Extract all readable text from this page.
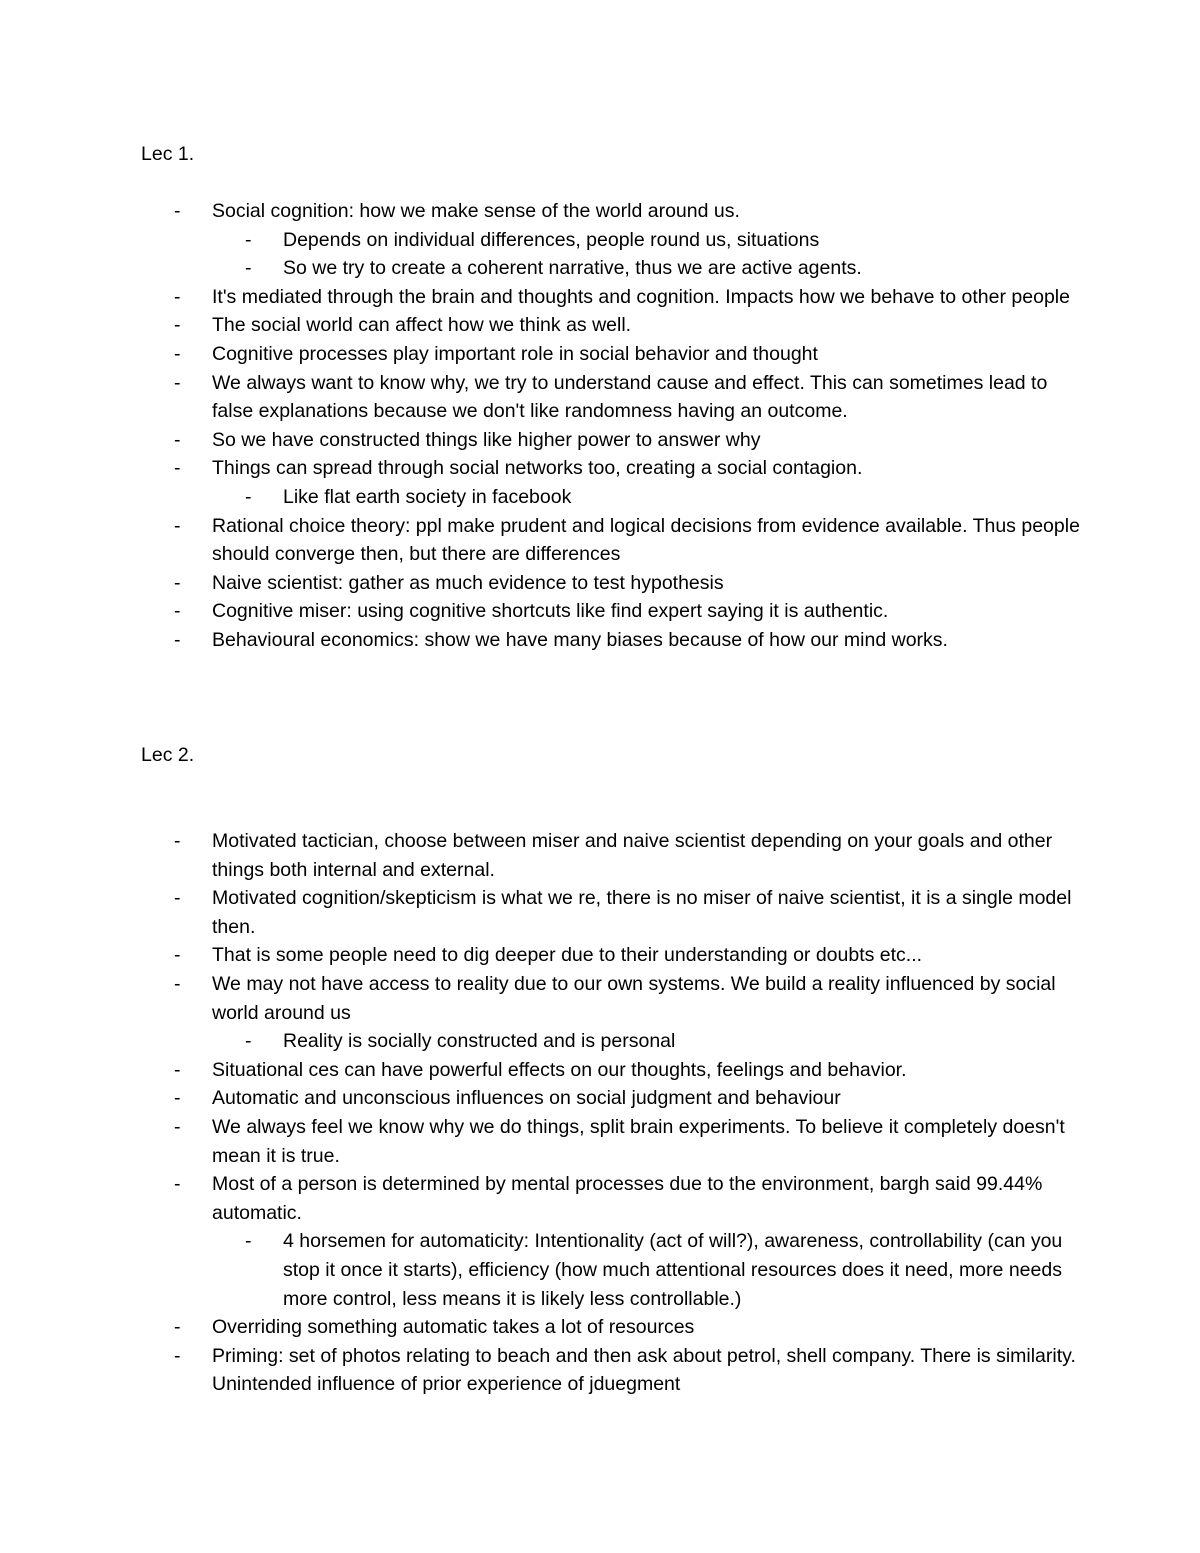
Lec 1.

- Social cognition: how we make sense of the world around us.
- Depends on individual differences, people round us, situations
- So we try to create a coherent narrative, thus we are active agents.
- It's mediated through the brain and thoughts and cognition. Impacts how we behave to other people
- The social world can affect how we think as well.
- Cognitive processes play important role in social behavior and thought
- We always want to know why, we try to understand cause and effect. This can sometimes lead to false explanations because we don't like randomness having an outcome.
- So we have constructed things like higher power to answer why
- Things can spread through social networks too, creating a social contagion.
- Like flat earth society in facebook
- Rational choice theory: ppl make prudent and logical decisions from evidence available. Thus people should converge then, but there are differences
- Naive scientist: gather as much evidence to test hypothesis
- Cognitive miser: using cognitive shortcuts like find expert saying it is authentic.
- Behavioural economics: show we have many biases because of how our mind works.

Lec 2.

- Motivated tactician, choose between miser and naive scientist depending on your goals and other things both internal and external.
- Motivated cognition/skepticism is what we re, there is no miser of naive scientist, it is a single model then.
- That is some people need to dig deeper due to their understanding or doubts etc...
- We may not have access to reality due to our own systems. We build a reality influenced by social world around us
- Reality is socially constructed and is personal
- Situational ces can have powerful effects on our thoughts, feelings and behavior.
- Automatic and unconscious influences on social judgment and behaviour
- We always feel we know why we do things, split brain experiments. To believe it completely doesn't mean it is true.
- Most of a person is determined by mental processes due to the environment, bargh said 99.44% automatic.
- 4 horsemen for automaticity: Intentionality (act of will?), awareness, controllability (can you stop it once it starts), efficiency (how much attentional resources does it need, more needs more control, less means it is likely less controllable.)
- Overriding something automatic takes a lot of resources
- Priming: set of photos relating to beach and then ask about petrol, shell company. There is similarity. Unintended influence of prior experience of jduegment
